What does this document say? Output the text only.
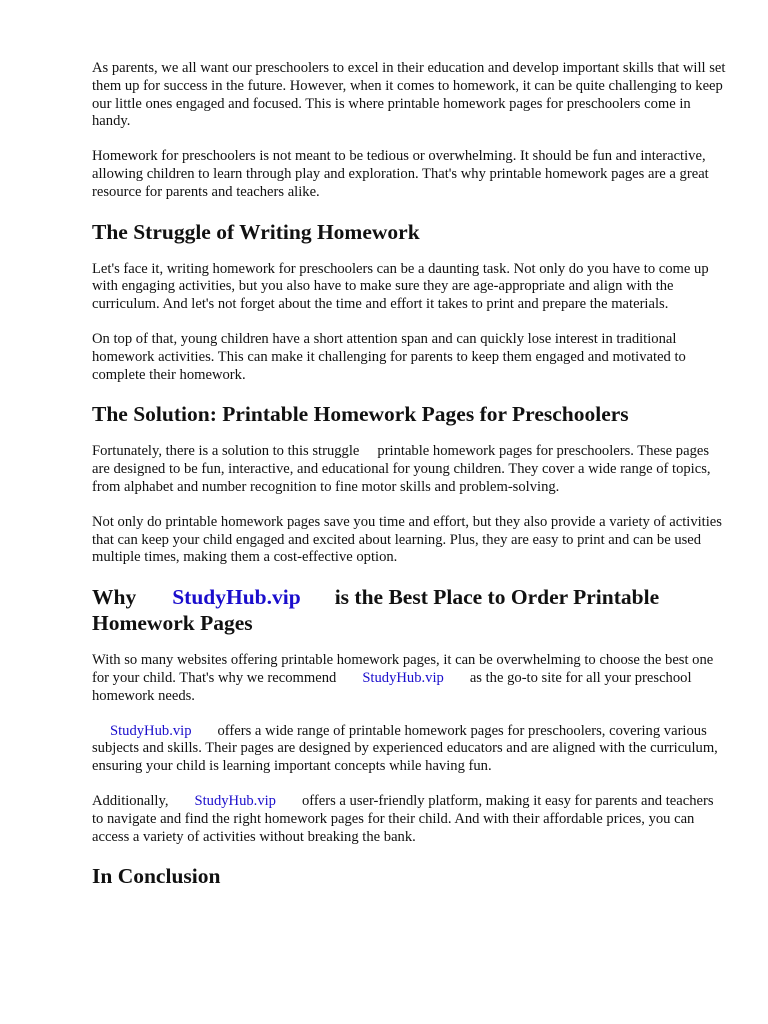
As parents, we all want our preschoolers to excel in their education and develop important skills that will set them up for success in the future. However, when it comes to homework, it can be quite challenging to keep our little ones engaged and focused. This is where printable homework pages for preschoolers come in handy.

Homework for preschoolers is not meant to be tedious or overwhelming. It should be fun and interactive, allowing children to learn through play and exploration. That's why printable homework pages are a great resource for parents and teachers alike.

The Struggle of Writing Homework

Let's face it, writing homework for preschoolers can be a daunting task. Not only do you have to come up with engaging activities, but you also have to make sure they are age-appropriate and align with the curriculum. And let's not forget about the time and effort it takes to print and prepare the materials.

On top of that, young children have a short attention span and can quickly lose interest in traditional homework activities. This can make it challenging for parents to keep them engaged and motivated to complete their homework.

The Solution: Printable Homework Pages for Preschoolers

Fortunately, there is a solution to this struggle printable homework pages for preschoolers. These pages are designed to be fun, interactive, and educational for young children. They cover a wide range of topics, from alphabet and number recognition to fine motor skills and problem-solving.

Not only do printable homework pages save you time and effort, but they also provide a variety of activities that can keep your child engaged and excited about learning. Plus, they are easy to print and can be used multiple times, making them a cost-effective option.

Why StudyHub.vip is the Best Place to Order Printable Homework Pages

With so many websites offering printable homework pages, it can be overwhelming to choose the best one for your child. That's why we recommend StudyHub.vip as the go-to site for all your preschool homework needs.

StudyHub.vip offers a wide range of printable homework pages for preschoolers, covering various subjects and skills. Their pages are designed by experienced educators and are aligned with the curriculum, ensuring your child is learning important concepts while having fun.

Additionally, StudyHub.vip offers a user-friendly platform, making it easy for parents and teachers to navigate and find the right homework pages for their child. And with their affordable prices, you can access a variety of activities without breaking the bank.

In Conclusion
